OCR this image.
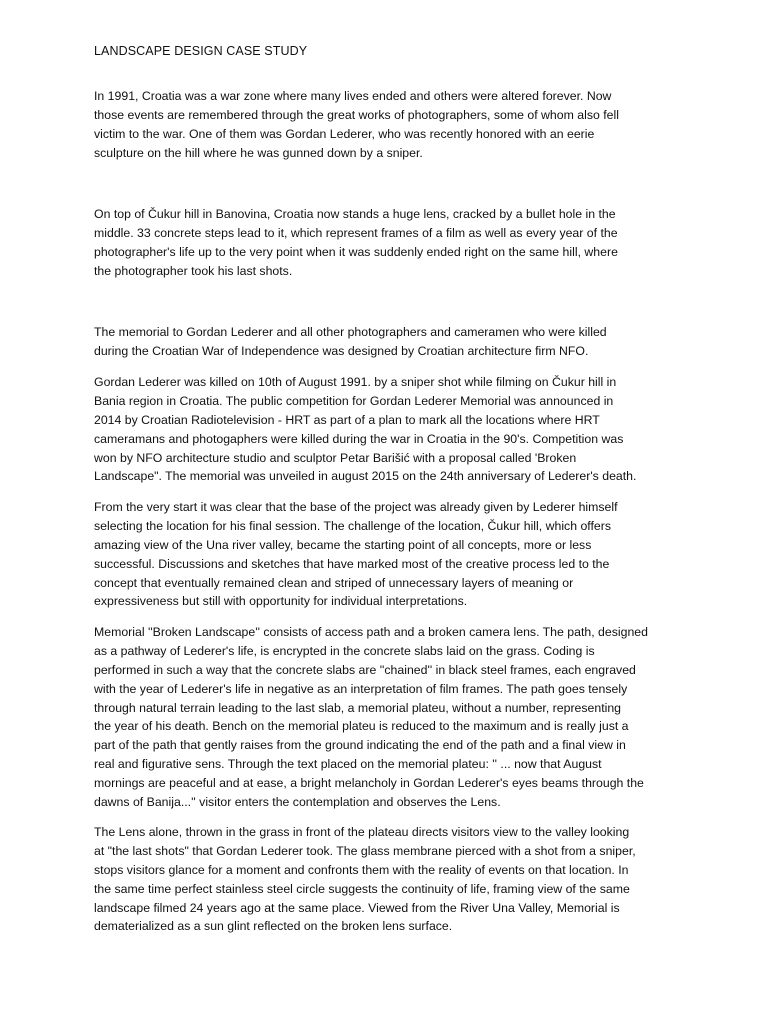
LANDSCAPE DESIGN CASE STUDY
In 1991, Croatia was a war zone where many lives ended and others were altered forever. Now
those events are remembered through the great works of photographers, some of whom also fell
victim to the war. One of them was Gordan Lederer, who was recently honored with an eerie
sculpture on the hill where he was gunned down by a sniper.
On top of Čukur hill in Banovina, Croatia now stands a huge lens, cracked by a bullet hole in the
middle. 33 concrete steps lead to it, which represent frames of a film as well as every year of the
photographer's life up to the very point when it was suddenly ended right on the same hill, where
the photographer took his last shots.
The memorial to Gordan Lederer and all other photographers and cameramen who were killed
during the Croatian War of Independence was designed by Croatian architecture firm NFO.
Gordan Lederer was killed on 10th of August 1991. by a sniper shot while filming on Čukur hill in
Bania region in Croatia. The public competition for Gordan Lederer Memorial was announced in
2014 by Croatian Radiotelevision - HRT as part of a plan to mark all the locations where HRT
cameramans and photogaphers were killed during the war in Croatia in the 90's. Competition was
won by NFO architecture studio and sculptor Petar Barišić with a proposal called 'Broken
Landscape". The memorial was unveiled in august 2015 on the 24th anniversary of Lederer's death.
From the very start it was clear that the base of the project was already given by Lederer himself
selecting the location for his final session. The challenge of the location, Čukur hill, which offers
amazing view of the Una river valley, became the starting point of all concepts, more or less
successful. Discussions and sketches that have marked most of the creative process led to the
concept that eventually remained clean and striped of unnecessary layers of meaning or
expressiveness but still with opportunity for individual interpretations.
Memorial ''Broken Landscape'' consists of access path and a broken camera lens. The path, designed
as a pathway of Lederer's life, is encrypted in the concrete slabs laid on the grass. Coding is
performed in such a way that the concrete slabs are ''chained'' in black steel frames, each engraved
with the year of Lederer's life in negative as an interpretation of film frames. The path goes tensely
through natural terrain leading to the last slab, a memorial plateu, without a number, representing
the year of his death. Bench on the memorial plateu is reduced to the maximum and is really just a
part of the path that gently raises from the ground indicating the end of the path and a final view in
real and figurative sens. Through the text placed on the memorial plateu: '' ... now that August
mornings are peaceful and at ease, a bright melancholy in Gordan Lederer's eyes beams through the
dawns of Banija...'' visitor enters the contemplation and observes the Lens.
The Lens alone, thrown in the grass in front of the plateau directs visitors view to the valley looking
at "the last shots" that Gordan Lederer took. The glass membrane pierced with a shot from a sniper,
stops visitors glance for a moment and confronts them with the reality of events on that location. In
the same time perfect stainless steel circle suggests the continuity of life, framing view of the same
landscape filmed 24 years ago at the same place. Viewed from the River Una Valley, Memorial is
dematerialized as a sun glint reflected on the broken lens surface.
